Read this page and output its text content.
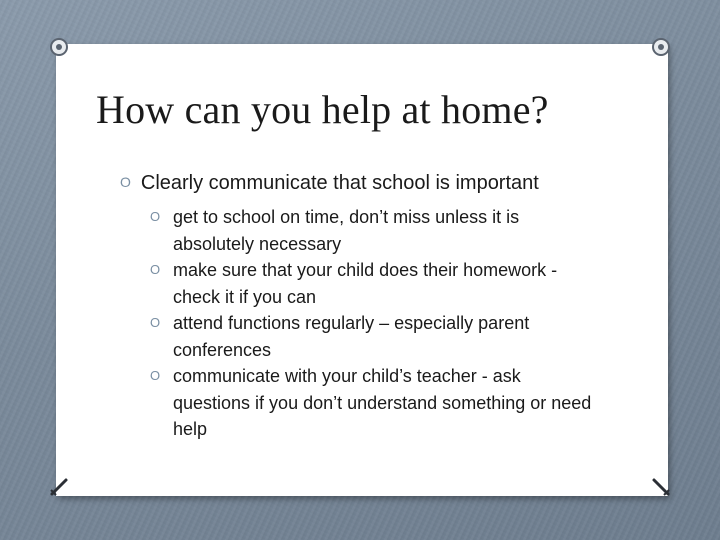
How can you help at home?
O Clearly communicate that school is important
O get to school on time, don’t miss unless it is absolutely necessary
O make sure that your child does their homework - check it if you can
O attend functions regularly – especially parent conferences
O communicate with your child’s teacher - ask questions if you don’t understand something or need help
